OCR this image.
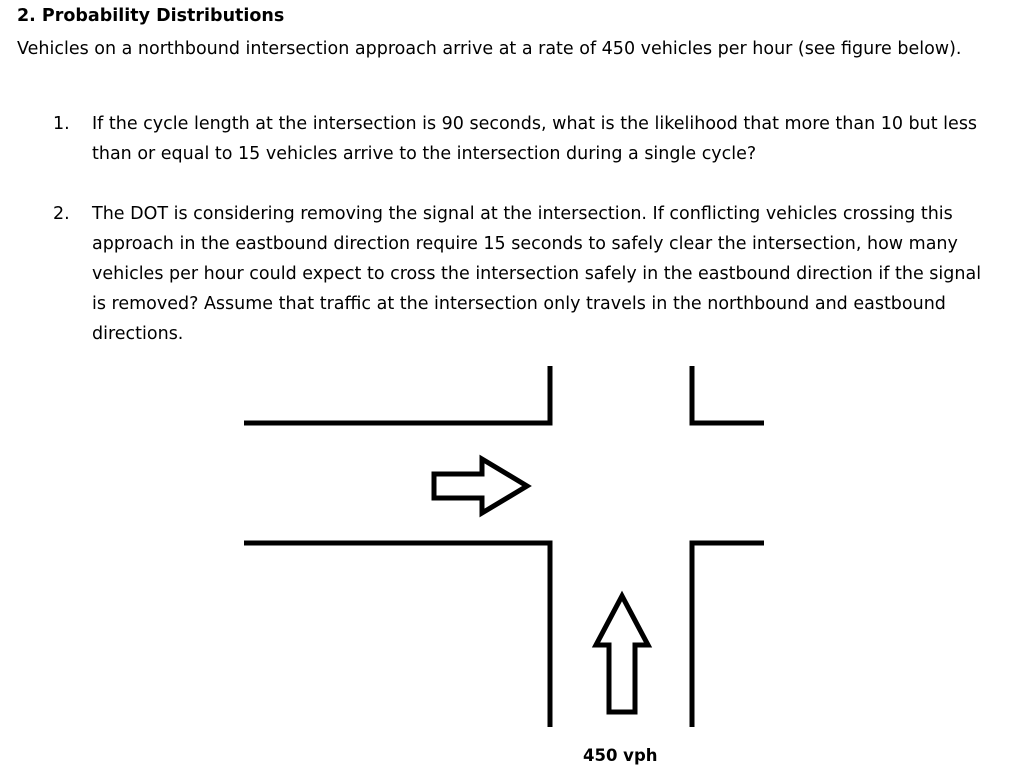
2. Probability Distributions
Vehicles on a northbound intersection approach arrive at a rate of 450 vehicles per hour (see figure below).
1. If the cycle length at the intersection is 90 seconds, what is the likelihood that more than 10 but less than or equal to 15 vehicles arrive to the intersection during a single cycle?
2. The DOT is considering removing the signal at the intersection. If conflicting vehicles crossing this approach in the eastbound direction require 15 seconds to safely clear the intersection, how many vehicles per hour could expect to cross the intersection safely in the eastbound direction if the signal is removed? Assume that traffic at the intersection only travels in the northbound and eastbound directions.
450 vph
